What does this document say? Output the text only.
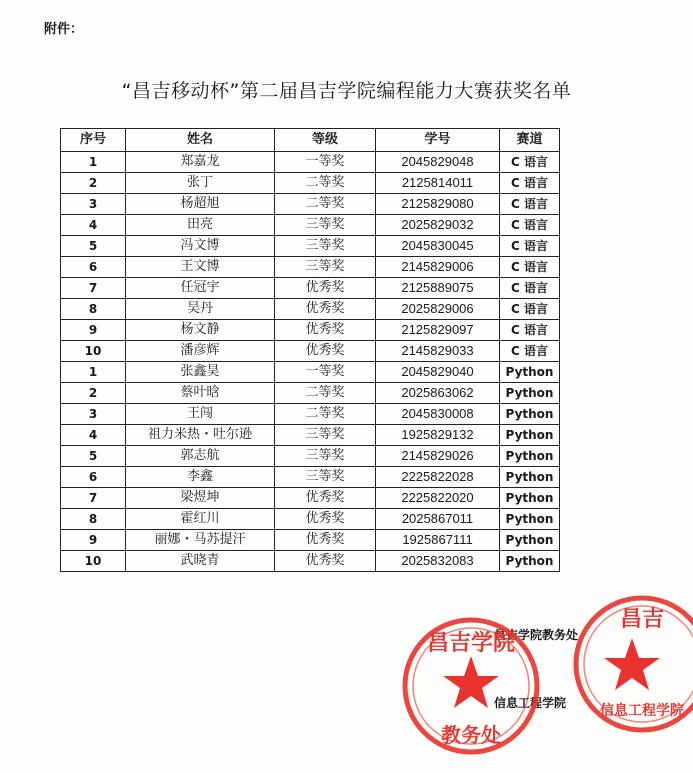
附件：
“昌吉移动杯”第二届昌吉学院编程能力大赛获奖名单
序号	姓名	等级	学号	赛道
1	郑嘉龙	一等奖	2045829048	C 语言
2	张丁	二等奖	2125814011	C 语言
3	杨超旭	二等奖	2125829080	C 语言
4	田亮	三等奖	2025829032	C 语言
5	冯文博	三等奖	2045830045	C 语言
6	王文博	三等奖	2145829006	C 语言
7	任冠宇	优秀奖	2125889075	C 语言
8	吴丹	优秀奖	2025829006	C 语言
9	杨文静	优秀奖	2125829097	C 语言
10	潘彦辉	优秀奖	2145829033	C 语言
1	张鑫昊	一等奖	2045829040	Python
2	蔡叶晗	二等奖	2025863062	Python
3	王闯	二等奖	2045830008	Python
4	祖力米热・吐尔逊	三等奖	1925829132	Python
5	郭志航	三等奖	2145829026	Python
6	李鑫	三等奖	2225822028	Python
7	梁煜坤	优秀奖	2225822020	Python
8	霍红川	优秀奖	2025867011	Python
9	丽娜・马苏提汗	优秀奖	1925867111	Python
10	武晓青	优秀奖	2025832083	Python
昌吉学院教务处
信息工程学院
昌吉学院
教务处
昌吉
信息工程学院
